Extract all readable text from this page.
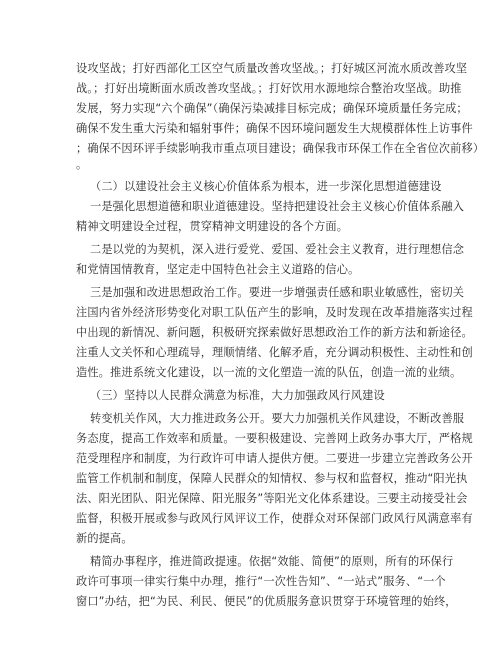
设攻坚战；打好西部化工区空气质量改善攻坚战。；打好城区河流水质改善攻坚
战。；打好出境断面水质改善攻坚战。；打好饮用水源地综合整治攻坚战。助推
发展，努力实现“六个确保”（确保污染减排目标完成；确保环境质量任务完成；
确保不发生重大污染和辐射事件；确保不因环境问题发生大规模群体性上访事件
；确保不因环评手续影响我市重点项目建设；确保我市环保工作在全省位次前移）
。
（二）以建设社会主义核心价值体系为根本，进一步深化思想道德建设
一是强化思想道德和职业道德建设。坚持把建设社会主义核心价值体系融入
精神文明建设全过程，贯穿精神文明建设的各个方面。
二是以党的为契机，深入进行爱党、爱国、爱社会主义教育，进行理想信念
和党情国情教育，坚定走中国特色社会主义道路的信心。
三是加强和改进思想政治工作。要进一步增强责任感和职业敏感性，密切关
注国内省外经济形势变化对职工队伍产生的影响，及时发现在改革措施落实过程
中出现的新情况、新问题，积极研究探索做好思想政治工作的新方法和新途径。
注重人文关怀和心理疏导，理顺情绪、化解矛盾，充分调动积极性、主动性和创
造性。推进系统文化建设，以一流的文化塑造一流的队伍，创造一流的业绩。
（三）坚持以人民群众满意为标准，大力加强政风行风建设
转变机关作风，大力推进政务公开。要大力加强机关作风建设，不断改善服
务态度，提高工作效率和质量。一要积极建设、完善网上政务办事大厅，严格规
范受理程序和制度，为行政许可申请人提供方便。二要进一步建立完善政务公开
监管工作机制和制度，保障人民群众的知情权、参与权和监督权，推动“阳光执
法、阳光团队、阳光保障、阳光服务”等阳光文化体系建设。三要主动接受社会
监督，积极开展或参与政风行风评议工作，使群众对环保部门政风行风满意率有
新的提高。
精简办事程序，推进简政提速。依据“效能、简便”的原则，所有的环保行
政许可事项一律实行集中办理，推行“一次性告知”、“一站式”服务、“一个
窗口”办结，把“为民、利民、便民”的优质服务意识贯穿于环境管理的始终，
